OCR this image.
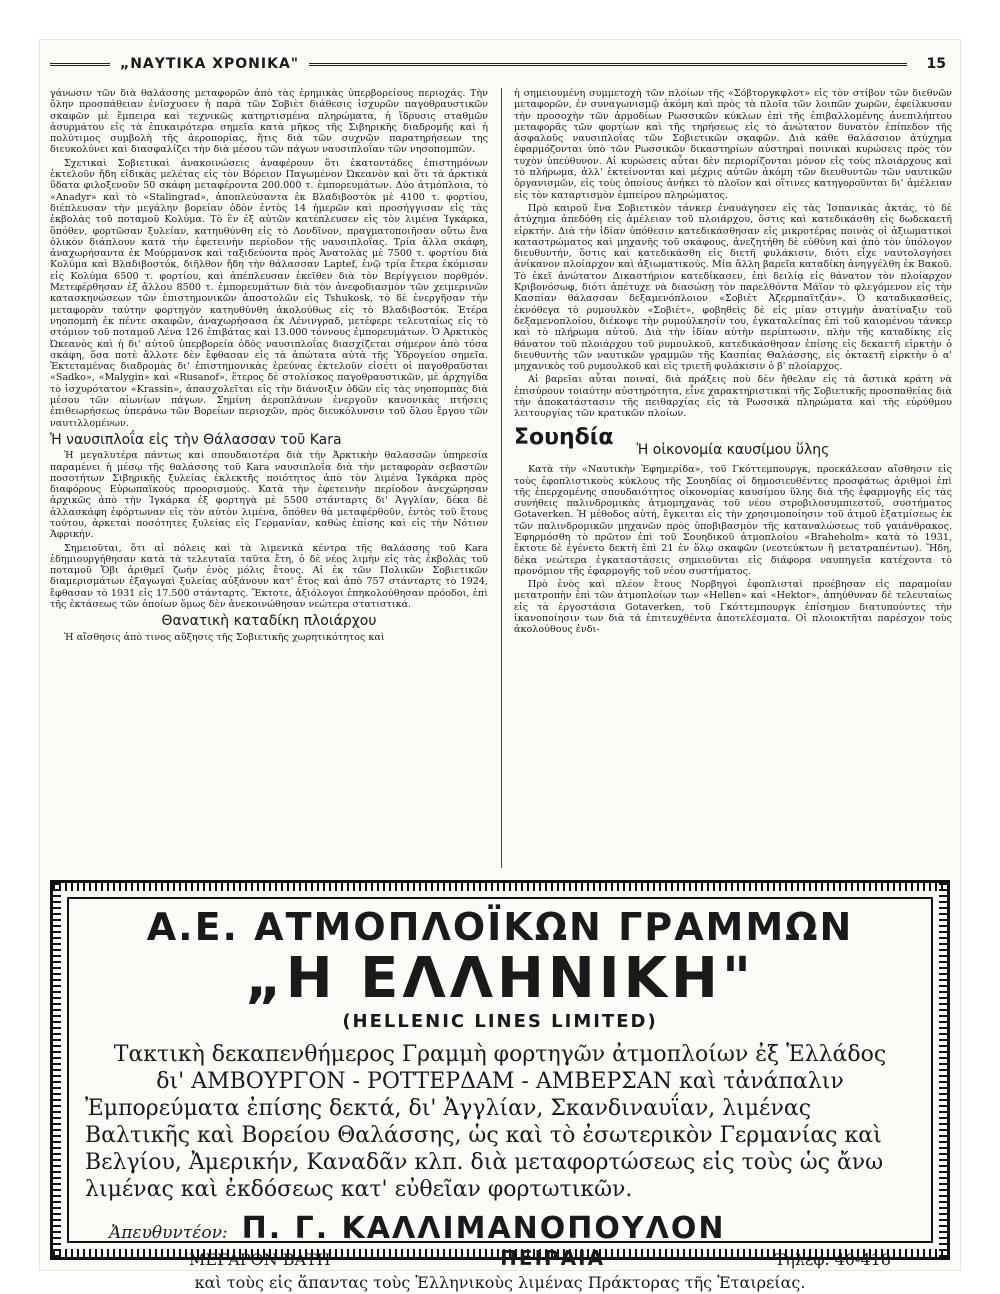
„ΝΑΥΤΙΚΑ ΧΡΟΝΙΚΑ"	15

γάνωσιν τῶν διὰ θαλάσσης μεταφορῶν ἀπὸ τὰς ἐρημικὰς ὑπερβορείους περιοχάς. Τὴν ὅλην προσπάθειαν ἐνίσχυσεν ἡ παρὰ τῶν Σοβιὲτ διάθεσις ἰσχυρῶν παγοθραυστικῶν σκαφῶν μὲ ἔμπειρα καὶ τεχνικῶς κατηρτισμένα πληρώματα, ἡ ἵδρυσις σταθμῶν ἀσυρμάτου εἰς τὰ ἐπικαιρότερα σημεῖα κατὰ μῆκος τῆς Σιβηρικῆς διαδρομῆς καὶ ἡ πολύτιμος συμβολὴ τῆς ἀεροπορίας, ἥτις διὰ τῶν συχνῶν παρατηρήσεων της διευκολύνει καὶ διασφαλίζει τὴν διὰ μέσου τῶν πάγων ναυσιπλοΐαν τῶν νησοπομπῶν.

Σχετικαὶ Σοβιετικαὶ ἀνακοινώσεις ἀναφέρουν ὅτι ἑκατοντάδες ἐπιστημόνων ἐκτελοῦν ἤδη εἰδικὰς μελέτας εἰς τὸν Βόρειον Παγωμένον Ὠκεανὸν καὶ ὅτι τὰ ἀρκτικὰ ὕδατα φιλοξενοῦν 50 σκάφη μεταφέροντα 200.000 τ. ἐμπορευμάτων. Δύο ἀτμόπλοια, τὸ «Anadyr» καὶ τὸ «Stalingrad», ἀποπλεύσαντα ἐκ Βλαδιβοστὸκ μὲ 4100 τ. φορτίου, διέπλευσαν τὴν μεγάλην βορείαν ὁδὸν ἐντὸς 14 ἡμερῶν καὶ προσήγγισαν εἰς τὰς ἐκβολὰς τοῦ ποταμοῦ Κολύμα. Τὸ ἓν ἐξ αὐτῶν κατέπλευσεν εἰς τὸν λιμένα Ἰγκάρκα, ὅπόθεν, φορτῶσαν ξυλείαν, κατηυθύνθη εἰς τὸ Λονδῖνον, πραγματοποιῆσαν οὕτω ἕνα ὁλικὸν διάπλουν κατὰ τὴν ἐφετεινὴν περίοδον τῆς ναυσιπλοΐας. Τρία ἄλλα σκάφη, ἀναχωρήσαντα ἐκ Μούρμανσκ καὶ ταξιδεύοντα πρὸς Ἀνατολὰς μὲ 7500 τ. φορτίου διὰ Κολύμα καὶ Βλαδιβοστόκ, διῆλθον ἤδη τὴν θάλασσαν Laptef, ἐνῷ τρία ἕτερα ἐκόμισαν εἰς Κολύμα 6500 τ. φορτίου, καὶ ἀπέπλευσαν ἐκεῖθεν διὰ τὸν Βερίγγειον πορθμόν. Μετεφέρθησαν ἐξ ἄλλου 8500 τ. ἐμπορευμάτων διὰ τὸν ἀνεφοδιασμὸν τῶν χειμερινῶν κατασκηνώσεων τῶν ἐπιστημονικῶν ἀποστολῶν εἰς Tshukosk, τὸ δὲ ἐνεργῆσαν τὴν μεταφορὰν ταύτην φορτηγὸν κατηυθύνθη ἀκολούθως εἰς τὸ Βλαδιβοστόκ. Ἑτέρα νηοπομπὴ ἐκ πέντε σκαφῶν, ἀναχωρήσασα ἐκ Λένινγραδ, μετέφερε τελευταίως εἰς τὸ στόμιον τοῦ ποταμοῦ Λένα 126 ἐπιβάτας καὶ 13.000 τόννους ἐμπορευμάτων. Ὁ Ἀρκτικὸς Ὠκεανὸς καὶ ἡ δι' αὐτοῦ ὑπερβορεία ὁδὸς ναυσιπλοΐας διασχίζεται σήμερον ἀπὸ τόσα σκάφη, ὅσα ποτὲ ἄλλοτε δὲν ἔφθασαν εἰς τὰ ἀπώτατα αὐτὰ τῆς Ὑδρογείου σημεῖα. Ἐκτεταμένας διαδρομὰς δι' ἐπιστημονικὰς ἐρεύνας ἐκτελοῦν εἰσέτι οἱ παγοθραῦσται «Sadko», «Malygin» καὶ «Rusanof», ἕτερος δὲ στολίσκος παγοθραυστικῶν, μὲ ἀρχηγίδα τὸ ἰσχυρότατον «Krassin», ἀπασχολεῖται εἰς τὴν διάνοιξιν ὁδῶν εἰς τὰς νηοπομπὰς διὰ μέσου τῶν αἰωνίων πάγων. Σημίνη ἀεροπλάνων ἐνεργοῦν κανονικὰς πτήσεις ἐπιθεωρήσεως ὑπεράνω τῶν Βορείων περιοχῶν, πρὸς διευκόλυνσιν τοῦ ὅλου ἔργου τῶν ναυτιλλομένων.

Ἡ ναυσιπλοΐα εἰς τὴν Θάλασσαν τοῦ Kara

Ἡ μεγαλυτέρα πάντως καὶ σπουδαιοτέρα διὰ τὴν Ἀρκτικὴν θαλασσῶν ὑπηρεσία παραμένει ἡ μέσῳ τῆς θαλάσσης τοῦ Kara ναυσιπλοΐα διὰ τὴν μεταφορὰν σεβαστῶν ποσοτήτων Σιβηρικῆς ξυλείας ἐκλεκτῆς ποιότητος ἀπὸ τὸν λιμένα Ἰγκάρκα πρὸς διαφόρους Εὐρωπαϊκοὺς προορισμούς. Κατὰ τὴν ἐφετεινὴν περίοδον ἀνεχώρησαν ἀρχικῶς ἀπὸ τὴν Ἰγκάρκα ἐξ φορτηγὰ μὲ 5500 στάνταρτς δι' Ἀγγλίαν, δέκα δὲ ἀλλασκάφη ἐφόρτωναν εἰς τὸν αὐτὸν λιμένα, ὅπόθεν θὰ μεταφέρθοῦν, ἐντὸς τοῦ ἔτους τούτου, ἀρκεταὶ ποσότητες ξυλείας εἰς Γερμανίαν, καθὼς ἐπίσης καὶ εἰς τὴν Νότιον Ἀφρικήν.

Σημειοῦται, ὅτι αἱ πόλεις καὶ τὰ λιμενικὰ κέντρα τῆς θαλάσσης τοῦ Kara ἐδημιουργήθησαν κατὰ τὰ τελευταῖα ταῦτα ἔτη, ὁ δὲ νέος λιμὴν εἰς τὰς ἐκβολὰς τοῦ ποταμοῦ Ὄβι ἀριθμεῖ ζωὴν ἐνὸς μόλις ἔτους. Αἱ ἐκ τῶν Πολικῶν Σοβιετικῶν διαμερισμάτων ἐξαγωγαὶ ξυλείας αὐξάνουν κατ' ἔτος καὶ ἀπὸ 757 στάνταρτς τὸ 1924, ἔφθασαν τὸ 1931 εἰς 17.500 στάνταρτς. Ἔκτοτε, ἀξιόλογοι ἐπηκολούθησαν πρόοδοι, ἐπὶ τῆς ἐκτάσεως τῶν ὁποίων ὅμως δὲν ἀνεκοινώθησαν νεώτερα στατιστικά.

Θανατικὴ καταδίκη πλοιάρχου

Ἡ αἴσθησις ἀπὸ τινος αὔξησις τῆς Σοβιετικῆς χωρητικότητος καὶ

ἡ σημειουμένη συμμετοχὴ τῶν πλοίων τῆς «Σόβτοργκφλοτ» εἰς τὸν στίβον τῶν διεθνῶν μεταφορῶν, ἐν συναγωνισμῷ ἀκόμη καὶ πρὸς τὰ πλοῖα τῶν λοιπῶν χωρῶν, ἐφείλκυσαν τὴν προσοχὴν τῶν ἁρμοδίων Ρωσσικῶν κύκλων ἐπὶ τῆς ἐπιβαλλομένης ἀνεπιλήπτου μεταφορᾶς τῶν φορτίων καὶ τῆς τηρήσεως εἰς τὸ ἀνώτατον δυνατὸν ἐπίπεδον τῆς ἀσφαλοῦς ναυσιπλοΐας τῶν Σοβιετικῶν σκαφῶν. Διὰ κάθε θαλάσσιον ἀτύχημα ἐφαρμόζονται ὑπὸ τῶν Ρωσσικῶν δικαστηρίων αὐστηραὶ ποινικαὶ κυρώσεις πρὸς τὸν τυχὸν ὑπεύθυνον. Αἱ κυρώσεις αὗται δὲν περιορίζονται μόνον εἰς τοὺς πλοιάρχους καὶ τὸ πλήρωμα, ἀλλ' ἐκτείνονται καὶ μέχρις αὐτῶν ἀκόμη τῶν διευθυντῶν τῶν ναυτικῶν ὀργανισμῶν, εἰς τοὺς ὁποίους ἀνήκει τὸ πλοῖον καὶ οἵτινες κατηγοροῦνται δι' ἀμέλειαν εἰς τὸν καταρτισμὸν ἐμπείρου πληρώματος.

Πρὸ καιροῦ ἕνα Σοβιετικὸν τάνκερ ἐναυάγησεν εἰς τὰς Ἰσπανικὰς ἀκτάς, τὸ δὲ ἀτύχημα ἀπεδόθη εἰς ἀμέλειαν τοῦ πλοιάρχου, ὅστις καὶ κατεδικάσθη εἰς δωδεκαετῆ εἱρκτήν. Διὰ τὴν ἰδίαν ὑπόθεσιν κατεδικάσθησαν εἰς μικροτέρας ποινὰς οἱ ἀξιωματικοὶ καταστρώματος καὶ μηχανῆς τοῦ σκάφους, ἀνεζητήθη δὲ εὐθύνη καὶ ἀπὸ τὸν ὑπόλογον διευθυντήν, ὅστις καὶ κατεδικάσθη εἰς διετῆ φυλάκισιν, διότι εἶχε ναυτολογήσει ἀνίκανον πλοίαρχον καὶ ἀξιωματικούς. Μία ἄλλη βαρεῖα καταδίκη ἀνηγγέλθη ἐκ Βακοῦ. Τὸ ἐκεῖ ἀνώτατον Δικαστήριον κατεδίκασεν, ἐπὶ δειλίᾳ εἰς θάνατον τὸν πλοίαρχον Κριβονόσωφ, διότι ἀπέτυχε νὰ διασώσῃ τὸν παρελθόντα Μάϊον τὸ φλεγόμενον εἰς τὴν Κασπίαν θάλασσαν δεξαμενόπλοιον «Σοβιὲτ Ἀζερμπαϊτζάν». Ὁ καταδικασθείς, ἐκνόθεγα τὸ ρυμουλκὸν «Σοβιέτ», φοβηθεὶς δὲ εἰς μίαν στιγμὴν ἀνατίναξιν τοῦ δεξαμενοπλοίου, διέκοψε τὴν ρυμούλκησίν του, ἐγκαταλείπας ἐπὶ τοῦ καιομένου τάνκερ καὶ τὸ πλήρωμα αὐτοῦ. Διὰ τὴν ἰδίαν αὐτὴν περίπτωσιν, πλὴν τῆς καταδίκης εἰς θάνατον τοῦ πλοιάρχου τοῦ ρυμουλκοῦ, κατεδικάσθησαν ἐπίσης εἰς δεκαετῆ εἱρκτὴν ὁ διευθυντὴς τῶν ναυτικῶν γραμμῶν τῆς Κασπίας Θαλάσσης, εἰς ὀκταετῆ εἱρκτὴν ὁ α' μηχανικὸς τοῦ ρυμουλκοῦ καὶ εἰς τριετῆ φυλάκισιν ὁ β' πλοίαρχος.

Αἱ βαρεῖαι αὗται ποιναί, διὰ πράξεις ποὺ δὲν ἤθελαν εἰς τὰ ἄστικὰ κράτη νὰ ἐπισύρουν τοιαύτην αὐστηρότητα, εἶνε χαρακτηριστικαὶ τῆς Σοβιετικῆς προσπαθείας διὰ τὴν ἀποκατάστασιν τῆς πειθαρχίας εἰς τὰ Ρωσσικὰ πληρώματα καὶ τῆς εὐρύθμου λειτουργίας τῶν κρατικῶν πλοίων.

Σουηδία
Ἡ οἰκονομία καυσίμου ὕλης

Κατὰ τὴν «Ναυτικὴν Ἐφημερίδα», τοῦ Γκόττεμπουργκ, προεκάλεσαν αἴσθησιν εἰς τοὺς ἐφοπλιστικοὺς κύκλους τῆς Σουηδίας οἱ δημοσιευθέντες προσφάτως ἀριθμοὶ ἐπὶ τῆς ἐπερχομένης σπουδαιότητος οἰκονομίας καυσίμου ὕλης διὰ τῆς ἐφαρμογῆς εἰς τὰς συνήθεις παλινδρομικὰς ἀτμομηχανὰς τοῦ νέου στροβιλοσυμπιεστοῦ, συστήματος Gotaverken. Ἡ μέθοδος αὐτή, ἔγκειται εἰς τὴν χρησιμοποίησιν τοῦ ἀτμοῦ ἐξατμίσεως ἐκ τῶν παλινδρομικῶν μηχανῶν πρὸς ὑποβιβασμὸν τῆς καταναλώσεως τοῦ γαιάνθρακος. Ἐφηρμόσθη τὸ πρῶτον ἐπὶ τοῦ Σουηδικοῦ ἀτμοπλοίου «Braheholm» κατὰ τὸ 1931, ἔκτοτε δὲ ἐγένετο δεκτὴ ἐπὶ 21 ἐν ὅλῳ σκαφῶν (νεοτεύκτων ἢ μετατραπέντων). Ἤδη, δέκα νεώτερα ἐγκαταστάσεις σημειοῦνται εἰς διάφορα ναυπηγεῖα κατέχοντα τὸ προνόμιον τῆς ἐφαρμογῆς τοῦ νέου συστήματος.

Πρὸ ἑνὸς καὶ πλέον ἔτους Νορβηγοὶ ἐφοπλισταὶ προέβησαν εἰς παραμοίαν μετατροπὴν ἐπὶ τῶν ἀτμοπλοίων των «Hellen» καὶ «Hektor», ἀπηύθυναν δὲ τελευταίως εἰς τὰ ἐργοστάσια Gotaverken, τοῦ Γκόττεμπουργκ ἐπίσημον διατυπούντες τὴν ἱκανοποίησιν των διὰ τὰ ἐπιτευχθέντα ἀποτελέσματα. Οἱ πλοιοκτῆται παρέσχον τοὺς ἀκολούθους ἐνδι-

Α.Ε. ΑΤΜΟΠΛΟΪΚΩΝ ΓΡΑΜΜΩΝ
„Η ΕΛΛΗΝΙΚΗ"
(HELLENIC LINES LIMITED)
Τακτικὴ δεκαπενθήμερος Γραμμὴ φορτηγῶν ἀτμοπλοίων ἐξ Ἑλλάδος
δι' ΑΜΒΟΥΡΓΟΝ - ΡΟΤΤΕΡΔΑΜ - ΑΜΒΕΡΣΑΝ καὶ τἀνάπαλιν
Ἐμπορεύματα ἐπίσης δεκτά, δι' Ἀγγλίαν, Σκανδιναυΐαν, λιμένας Βαλτικῆς καὶ Βορείου Θαλάσσης, ὡς καὶ τὸ ἐσωτερικὸν Γερμανίας καὶ Βελγίου, Ἀμερικήν, Καναδᾶν κλπ. διὰ μεταφορτώσεως εἰς τοὺς ὡς ἄνω λιμένας καὶ ἐκδόσεως κατ' εὐθεῖαν φορτωτικῶν.
Ἀπευθυντέον: Π. Γ. ΚΑΛΛΙΜΑΝΟΠΟΥΛΟΝ
ΜΕΓΑΡΟΝ ΒΑΤΗ	ΠΕΙΡΑΙΑ	Τηλεφ. 40-418
καὶ τοὺς εἰς ἅπαντας τοὺς Ἑλληνικοὺς λιμένας Πράκτορας τῆς Ἑταιρείας.
